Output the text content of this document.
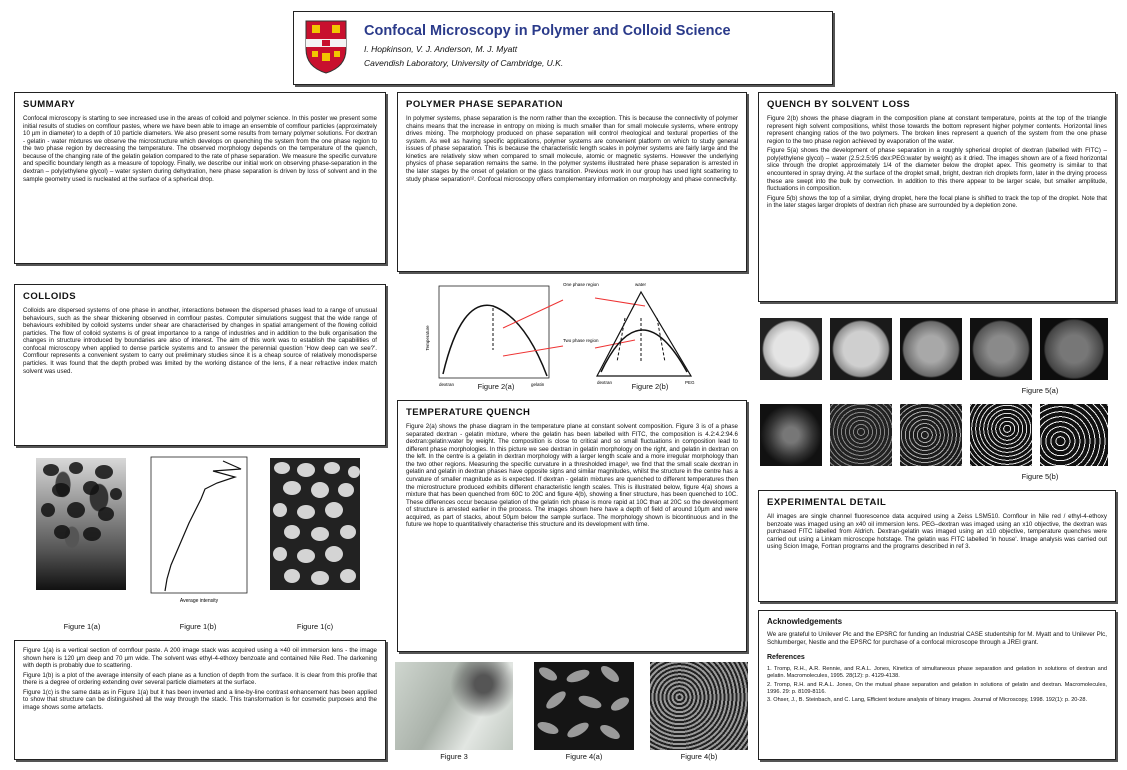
Confocal Microscopy in Polymer and Colloid Science
I. Hopkinson, V. J. Anderson, M. J. Myatt
Cavendish Laboratory, University of Cambridge, U.K.
SUMMARY

Confocal microscopy is starting to see increased use in the areas of colloid and polymer science. In this poster we present some initial results of studies on comflour pastes, where we have been able to image an ensemble of comflour particles (approximately 10 µm in diameter) to a depth of 10 particle diameters. We also present some results from ternary polymer solutions. For dextran - gelatin - water mixtures we observe the microstructure which develops on quenching the system from the one phase region to the two phase region by decreasing the temperature. The observed morphology depends on the temperature of the quench, because of the changing rate of the gelatin gelation compared to the rate of phase separation. We measure the specific curvature and specific boundary length as a measure of topology. Finally, we describe our initial work on observing phase-separation in the dextran – poly(ethylene glycol) – water system during dehydration, here phase separation is driven by loss of solvent and in the sample geometry used is nucleated at the surface of a spherical drop.

COLLOIDS

Colloids are dispersed systems of one phase in another, interactions between the dispersed phases lead to a range of unusual behaviours, such as the shear thickening observed in cornflour pastes. Computer simulations suggest that the wide range of behaviours exhibited by colloid systems under shear are characterised by changes in spatial arrangement of the flowing colloid particles. The flow of colloid systems is of great importance to a range of industries and in addition to the bulk organisation the changes in structure introduced by boundaries are also of interest. The aim of this work was to establish the capabilities of confocal microscopy when applied to dense particle systems and to answer the perennial question 'How deep can we see?'. Cornflour represents a convenient system to carry out preliminary studies since it is a cheap source of relatively monodisperse particles. It was found that the depth probed was limited by the working distance of the lens, if a near refractive index match solvent was used.

Average intensity
Figure 1(a)	Figure 1(b)	Figure 1(c)

Figure 1(a) is a vertical section of cornflour paste. A 200 image stack was acquired using a ×40 oil immersion lens - the image shown here is 120 µm deep and 70 µm wide. The solvent was ethyl-4-ethoxy benzoate and contained Nile Red. The darkening with depth is probably due to scattering.

Figure 1(b) is a plot of the average intensity of each plane as a function of depth from the surface. It is clear from this profile that there is a degree of ordering extending over several particle diameters at the surface.

Figure 1(c) is the same data as in Figure 1(a) but it has been inverted and a line-by-line contrast enhancement has been applied to show that structure can be distinguished all the way through the stack. This transformation is for cosmetic purposes and the image shows some artefacts.

POLYMER PHASE SEPARATION

In polymer systems, phase separation is the norm rather than the exception. This is because the connectivity of polymer chains means that the increase in entropy on mixing is much smaller than for small molecule systems, where entropy drives mixing. The morphology produced on phase separation will control rheological and textural properties of the system. As well as having specific applications, polymer systems are convenient platform on which to study general issues of phase separation. This is because the characteristic length scales in polymer systems are fairly large and the kinetics are relatively slow when compared to small molecule, atomic or magnetic systems. However the underlying physics of phase separation remains the same. In the polymer systems illustrated here phase separation is arrested in the later stages by the onset of gelation or the glass transition. Previous work in our group has used light scattering to study phase separation¹². Confocal microscopy offers complementary information on morphology and phase connectivity.

Temperature
dextran	gelatin
One phase region
Two phase region
water
dextran	PEG
Figure 2(a)	Figure 2(b)
TEMPERATURE QUENCH

Figure 2(a) shows the phase diagram in the temperature plane at constant solvent composition. Figure 3 is of a phase separated dextran - gelatin mixture, where the gelatin has been labelled with FITC, the composition is 4.2:4.2:94.6 dextran:gelatin:water by weight. The composition is close to critical and so small fluctuations in composition lead to different phase morphologies. In this picture we see dextran in gelatin morphology on the right, and gelatin in dextran on the left. In the centre is a gelatin in dextran morphology with a larger length scale and a more irregular morphology than the two other regions. Measuring the specific curvature in a thresholded image³, we find that the small scale dextran in gelatin and gelatin in dextran phases have opposite signs and similar magnitudes, whilst the structure in the centre has a curvature of smaller magnitude as is expected. If dextran - gelatin mixtures are quenched to different temperatures then the microstructure produced exhibits different characteristic length scales. This is illustrated below, figure 4(a) shows a mixture that has been quenched from 60C to 20C and figure 4(b), showing a finer structure, has been quenched to 10C. These differences occur because gelation of the gelatin rich phase is more rapid at 10C than at 20C so the development of structure is arrested earlier in the process. The images shown here have a depth of field of around 10µm and were acquired, as part of stacks, about 50µm below the sample surface. The morphology shown is bicontinuous and in the future we hope to quantitatively characterise this structure and its development with time.

Figure 3	Figure 4(a)	Figure 4(b)
QUENCH BY SOLVENT LOSS

Figure 2(b) shows the phase diagram in the composition plane at constant temperature, points at the top of the triangle represent high solvent compositions, whilst those towards the bottom represent higher polymer contents. Horizontal lines represent changing ratios of the two polymers. The broken lines represent a quench of the system from the one phase region to the two phase region achieved by evaporation of the water.

Figure 5(a) shows the development of phase separation in a roughly spherical droplet of dextran (labelled with FITC) – poly(ethylene glycol) – water (2.5:2.5:95 dex:PEG:water by weight) as it dried. The images shown are of a fixed horizontal slice through the droplet approximately 1/4 of the diameter below the droplet apex. This geometry is similar to that encountered in spray drying. At the surface of the droplet small, bright, dextran rich droplets form, later in the drying process these are swept into the bulk by convection. In addition to this there appear to be larger scale, but smaller amplitude, fluctuations in composition.

Figure 5(b) shows the top of a similar, drying droplet, here the focal plane is shifted to track the top of the droplet. Note that in the later stages larger droplets of dextran rich phase are surrounded by a depletion zone.

Figure 5(a)
Figure 5(b)
EXPERIMENTAL DETAIL

All images are single channel fluorescence data acquired using a Zeiss LSM510. Cornflour in Nile red / ethyl-4-ethoxy benzoate was imaged using an x40 oil immersion lens. PEG–dextran was imaged using an x10 objective, the dextran was purchased FITC labelled from Aldrich. Dextran-gelatin was imaged using an x10 objective, temperature quenches were carried out using a Linkam microscope hotstage. The gelatin was FITC labelled 'in house'. Image analysis was carried out using Scion Image, Fortran programs and the programs described in ref 3.

Acknowledgements

We are grateful to Unilever Plc and the EPSRC for funding an Industrial CASE studentship for M. Myatt and to Unilever Plc, Schlumberger, Nestle and the EPSRC for purchase of a confocal microscope through a JREI grant.

References

1. Tromp, R.H., A.R. Rennie, and R.A.L. Jones, Kinetics of simultaneous phase separation and gelation in solutions of dextran and gelatin. Macromolecules, 1995. 28(12): p. 4129-4138.

2. Tromp, R.H. and R.A.L. Jones, On the mutual phase separation and gelation in solutions of gelatin and dextran. Macromolecules, 1996. 29: p. 8109-8116.

3. Ohser, J., B. Steinbach, and C. Lang, Efficient texture analysis of binary images. Journal of Microscopy, 1998. 192(1): p. 20-28.
